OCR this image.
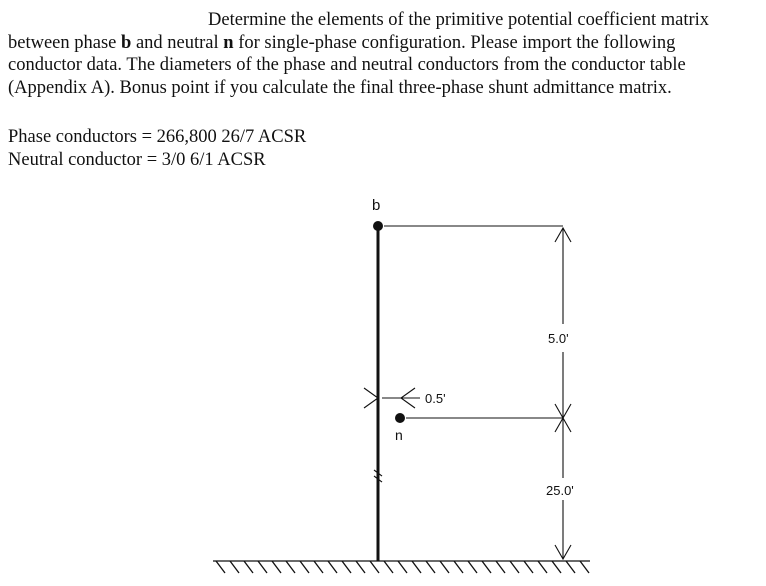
Determine the elements of the primitive potential coefficient matrix

between phase b and neutral n for single-phase configuration. Please import the following

conductor data. The diameters of the phase and neutral conductors from the conductor table

(Appendix A). Bonus point if you calculate the final three-phase shunt admittance matrix.

Phase conductors = 266,800 26/7 ACSR
Neutral conductor = 3/0 6/1 ACSR
b
n
5.0'
25.0'
0.5'
